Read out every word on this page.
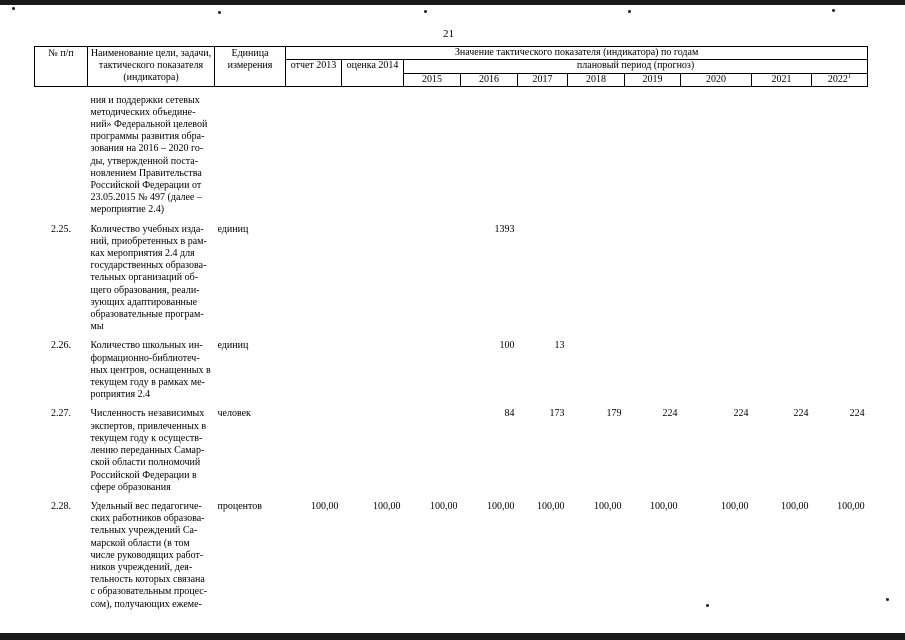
21
№ п/п	Наименование цели, задачи, тактического показателя (индикатора)	Единица измерения	Значение тактического показателя (индикатора) по годам									
			отчет 2013	оценка 2014	плановый период (прогноз)							
					2015	2016	2017	2018	2019	2020	2021	2022$^1$
	ния и поддержки сетевых методических объедине-ний» Федеральной целевой программы развития обра-зования на 2016 – 2020 го-ды, утвержденной поста-новлением Правительства Российской Федерации от 23.05.2015 № 497 (далее – мероприятие 2.4)											
2.25.	Количество учебных изда-ний, приобретенных в рам-ках мероприятия 2.4 для государственных образова-тельных организаций об-щего образования, реали-зующих адаптированные образовательные програм-мы	единиц				1393						
2.26.	Количество школьных ин-формационно-библиотеч-ных центров, оснащенных в текущем году в рамках ме-роприятия 2.4	единиц				100	13					
2.27.	Численность независимых экспертов, привлеченных в текущем году к осуществ-лению переданных Самар-ской области полномочий Российской Федерации в сфере образования	человек				84	173	179	224	224	224	224
2.28.	Удельный вес педагогиче-ских работников образова-тельных учреждений Са-марской области (в том числе руководящих работ-ников учреждений, дея-тельность которых связана с образовательным процес-сом), получающих ежеме-	процентов	100,00	100,00	100,00	100,00	100,00	100,00	100,00	100,00	100,00	100,00
